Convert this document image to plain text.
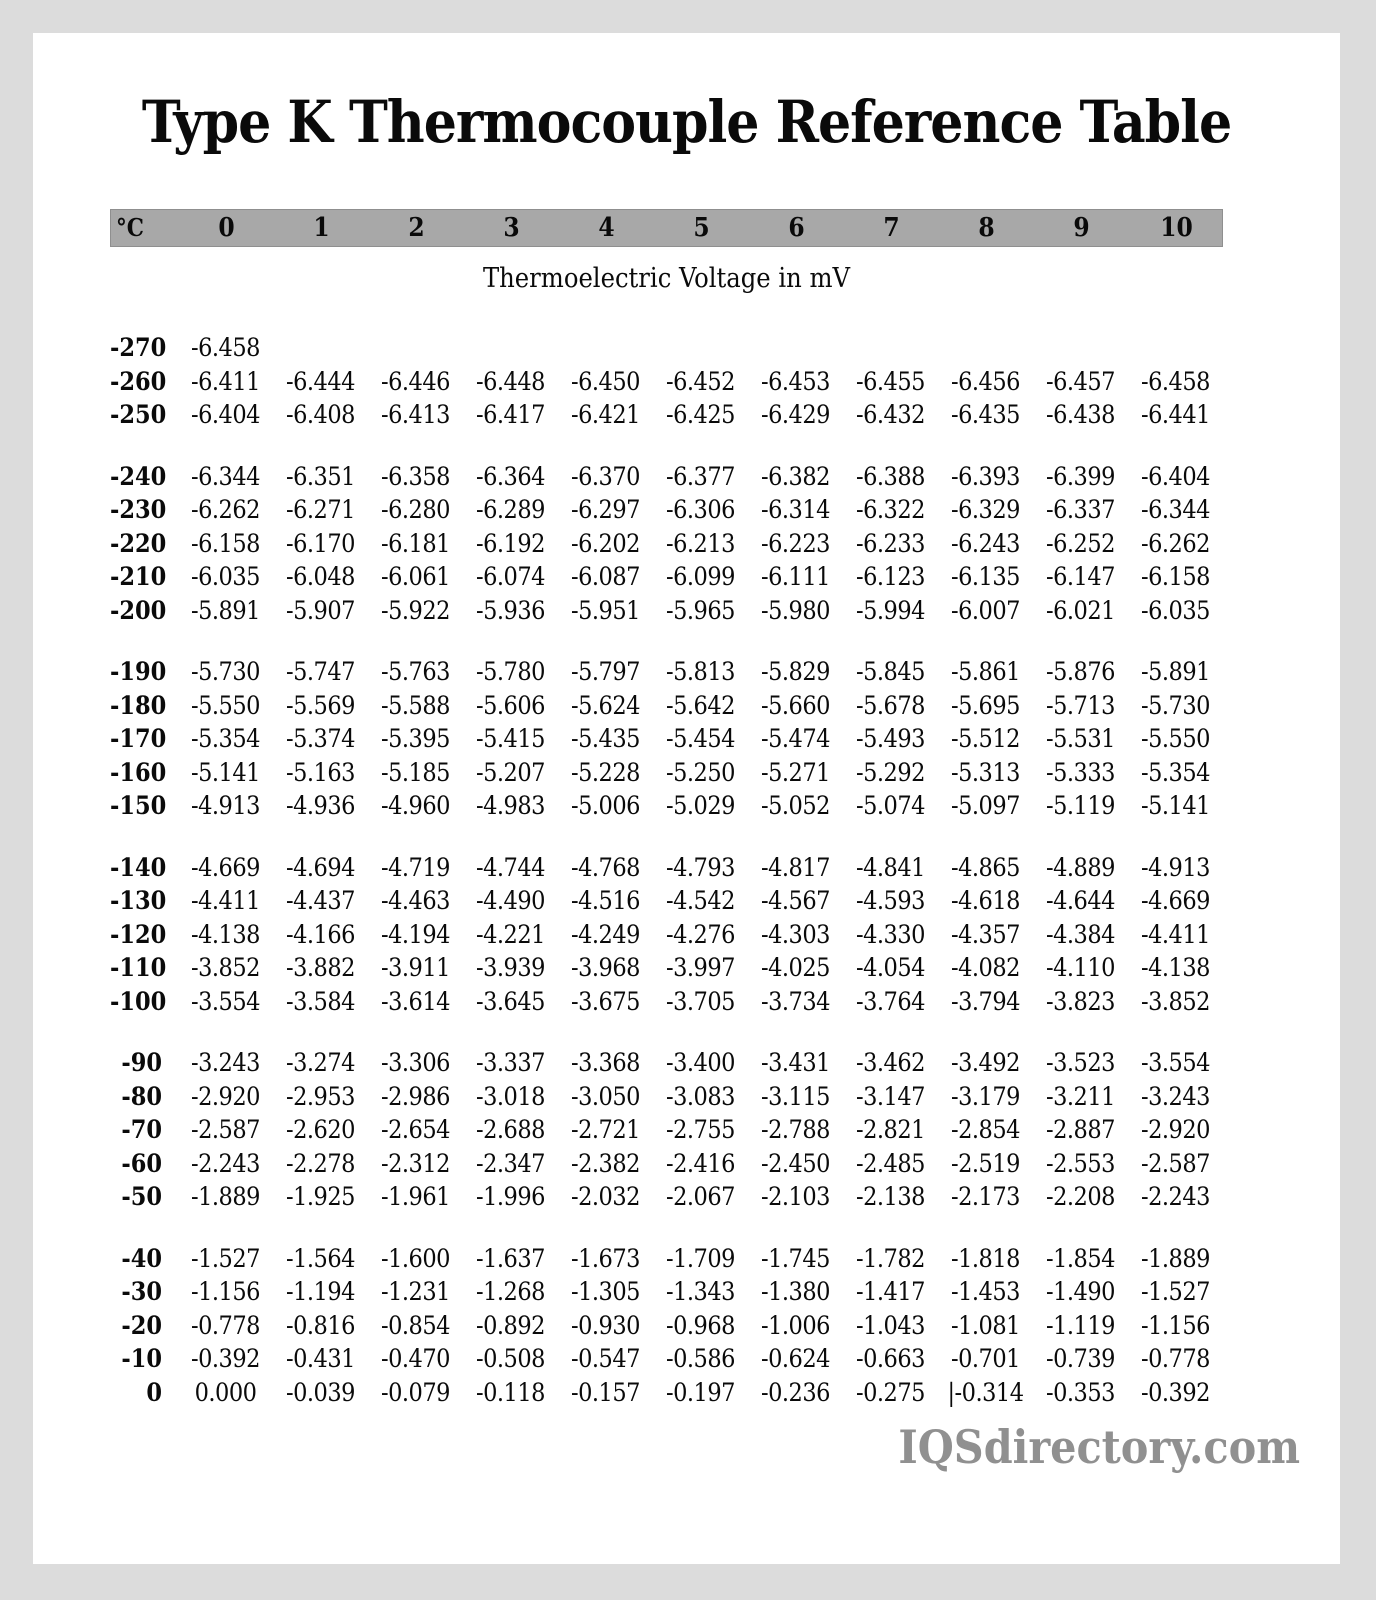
Type K Thermocouple Reference Table
°C	0	1	2	3	4	5	6	7	8	9	10
Thermoelectric Voltage in mV
-270 -6.458
-260 -6.411	-6.444	-6.446	-6.448	-6.450	-6.452	-6.453	-6.455	-6.456	-6.457	-6.458
-250 -6.404	-6.408	-6.413	-6.417	-6.421	-6.425	-6.429	-6.432	-6.435	-6.438	-6.441
-240 -6.344	-6.351	-6.358	-6.364	-6.370	-6.377	-6.382	-6.388	-6.393	-6.399	-6.404
-230 -6.262	-6.271	-6.280	-6.289	-6.297	-6.306	-6.314	-6.322	-6.329	-6.337	-6.344
-220 -6.158	-6.170	-6.181	-6.192	-6.202	-6.213	-6.223	-6.233	-6.243	-6.252	-6.262
-210 -6.035	-6.048	-6.061	-6.074	-6.087	-6.099	-6.111	-6.123	-6.135	-6.147	-6.158
-200 -5.891	-5.907	-5.922	-5.936	-5.951	-5.965	-5.980	-5.994	-6.007	-6.021	-6.035
-190 -5.730	-5.747	-5.763	-5.780	-5.797	-5.813	-5.829	-5.845	-5.861	-5.876	-5.891
-180 -5.550	-5.569	-5.588	-5.606	-5.624	-5.642	-5.660	-5.678	-5.695	-5.713	-5.730
-170 -5.354	-5.374	-5.395	-5.415	-5.435	-5.454	-5.474	-5.493	-5.512	-5.531	-5.550
-160 -5.141	-5.163	-5.185	-5.207	-5.228	-5.250	-5.271	-5.292	-5.313	-5.333	-5.354
-150 -4.913	-4.936	-4.960	-4.983	-5.006	-5.029	-5.052	-5.074	-5.097	-5.119	-5.141
-140 -4.669	-4.694	-4.719	-4.744	-4.768	-4.793	-4.817	-4.841	-4.865	-4.889	-4.913
-130 -4.411	-4.437	-4.463	-4.490	-4.516	-4.542	-4.567	-4.593	-4.618	-4.644	-4.669
-120 -4.138	-4.166	-4.194	-4.221	-4.249	-4.276	-4.303	-4.330	-4.357	-4.384	-4.411
-110 -3.852	-3.882	-3.911	-3.939	-3.968	-3.997	-4.025	-4.054	-4.082	-4.110	-4.138
-100 -3.554	-3.584	-3.614	-3.645	-3.675	-3.705	-3.734	-3.764	-3.794	-3.823	-3.852
-90	-3.243	-3.274	-3.306	-3.337	-3.368	-3.400	-3.431	-3.462	-3.492	-3.523	-3.554
-80	-2.920	-2.953	-2.986	-3.018	-3.050	-3.083	-3.115	-3.147	-3.179	-3.211	-3.243
-70	-2.587	-2.620	-2.654	-2.688	-2.721	-2.755	-2.788	-2.821	-2.854	-2.887	-2.920
-60	-2.243	-2.278	-2.312	-2.347	-2.382	-2.416	-2.450	-2.485	-2.519	-2.553	-2.587
-50	-1.889	-1.925	-1.961	-1.996	-2.032	-2.067	-2.103	-2.138	-2.173	-2.208	-2.243
-40	-1.527	-1.564	-1.600	-1.637	-1.673	-1.709	-1.745	-1.782	-1.818	-1.854	-1.889
-30	-1.156	-1.194	-1.231	-1.268	-1.305	-1.343	-1.380	-1.417	-1.453	-1.490	-1.527
-20	-0.778	-0.816	-0.854	-0.892	-0.930	-0.968	-1.006	-1.043	-1.081	-1.119	-1.156
-10	-0.392	-0.431	-0.470	-0.508	-0.547	-0.586	-0.624	-0.663	-0.701	-0.739	-0.778
0	0.000	-0.039	-0.079	-0.118	-0.157	-0.197	-0.236	-0.275 |-0.314 -0.353	-0.392
IQSdirectory.com
